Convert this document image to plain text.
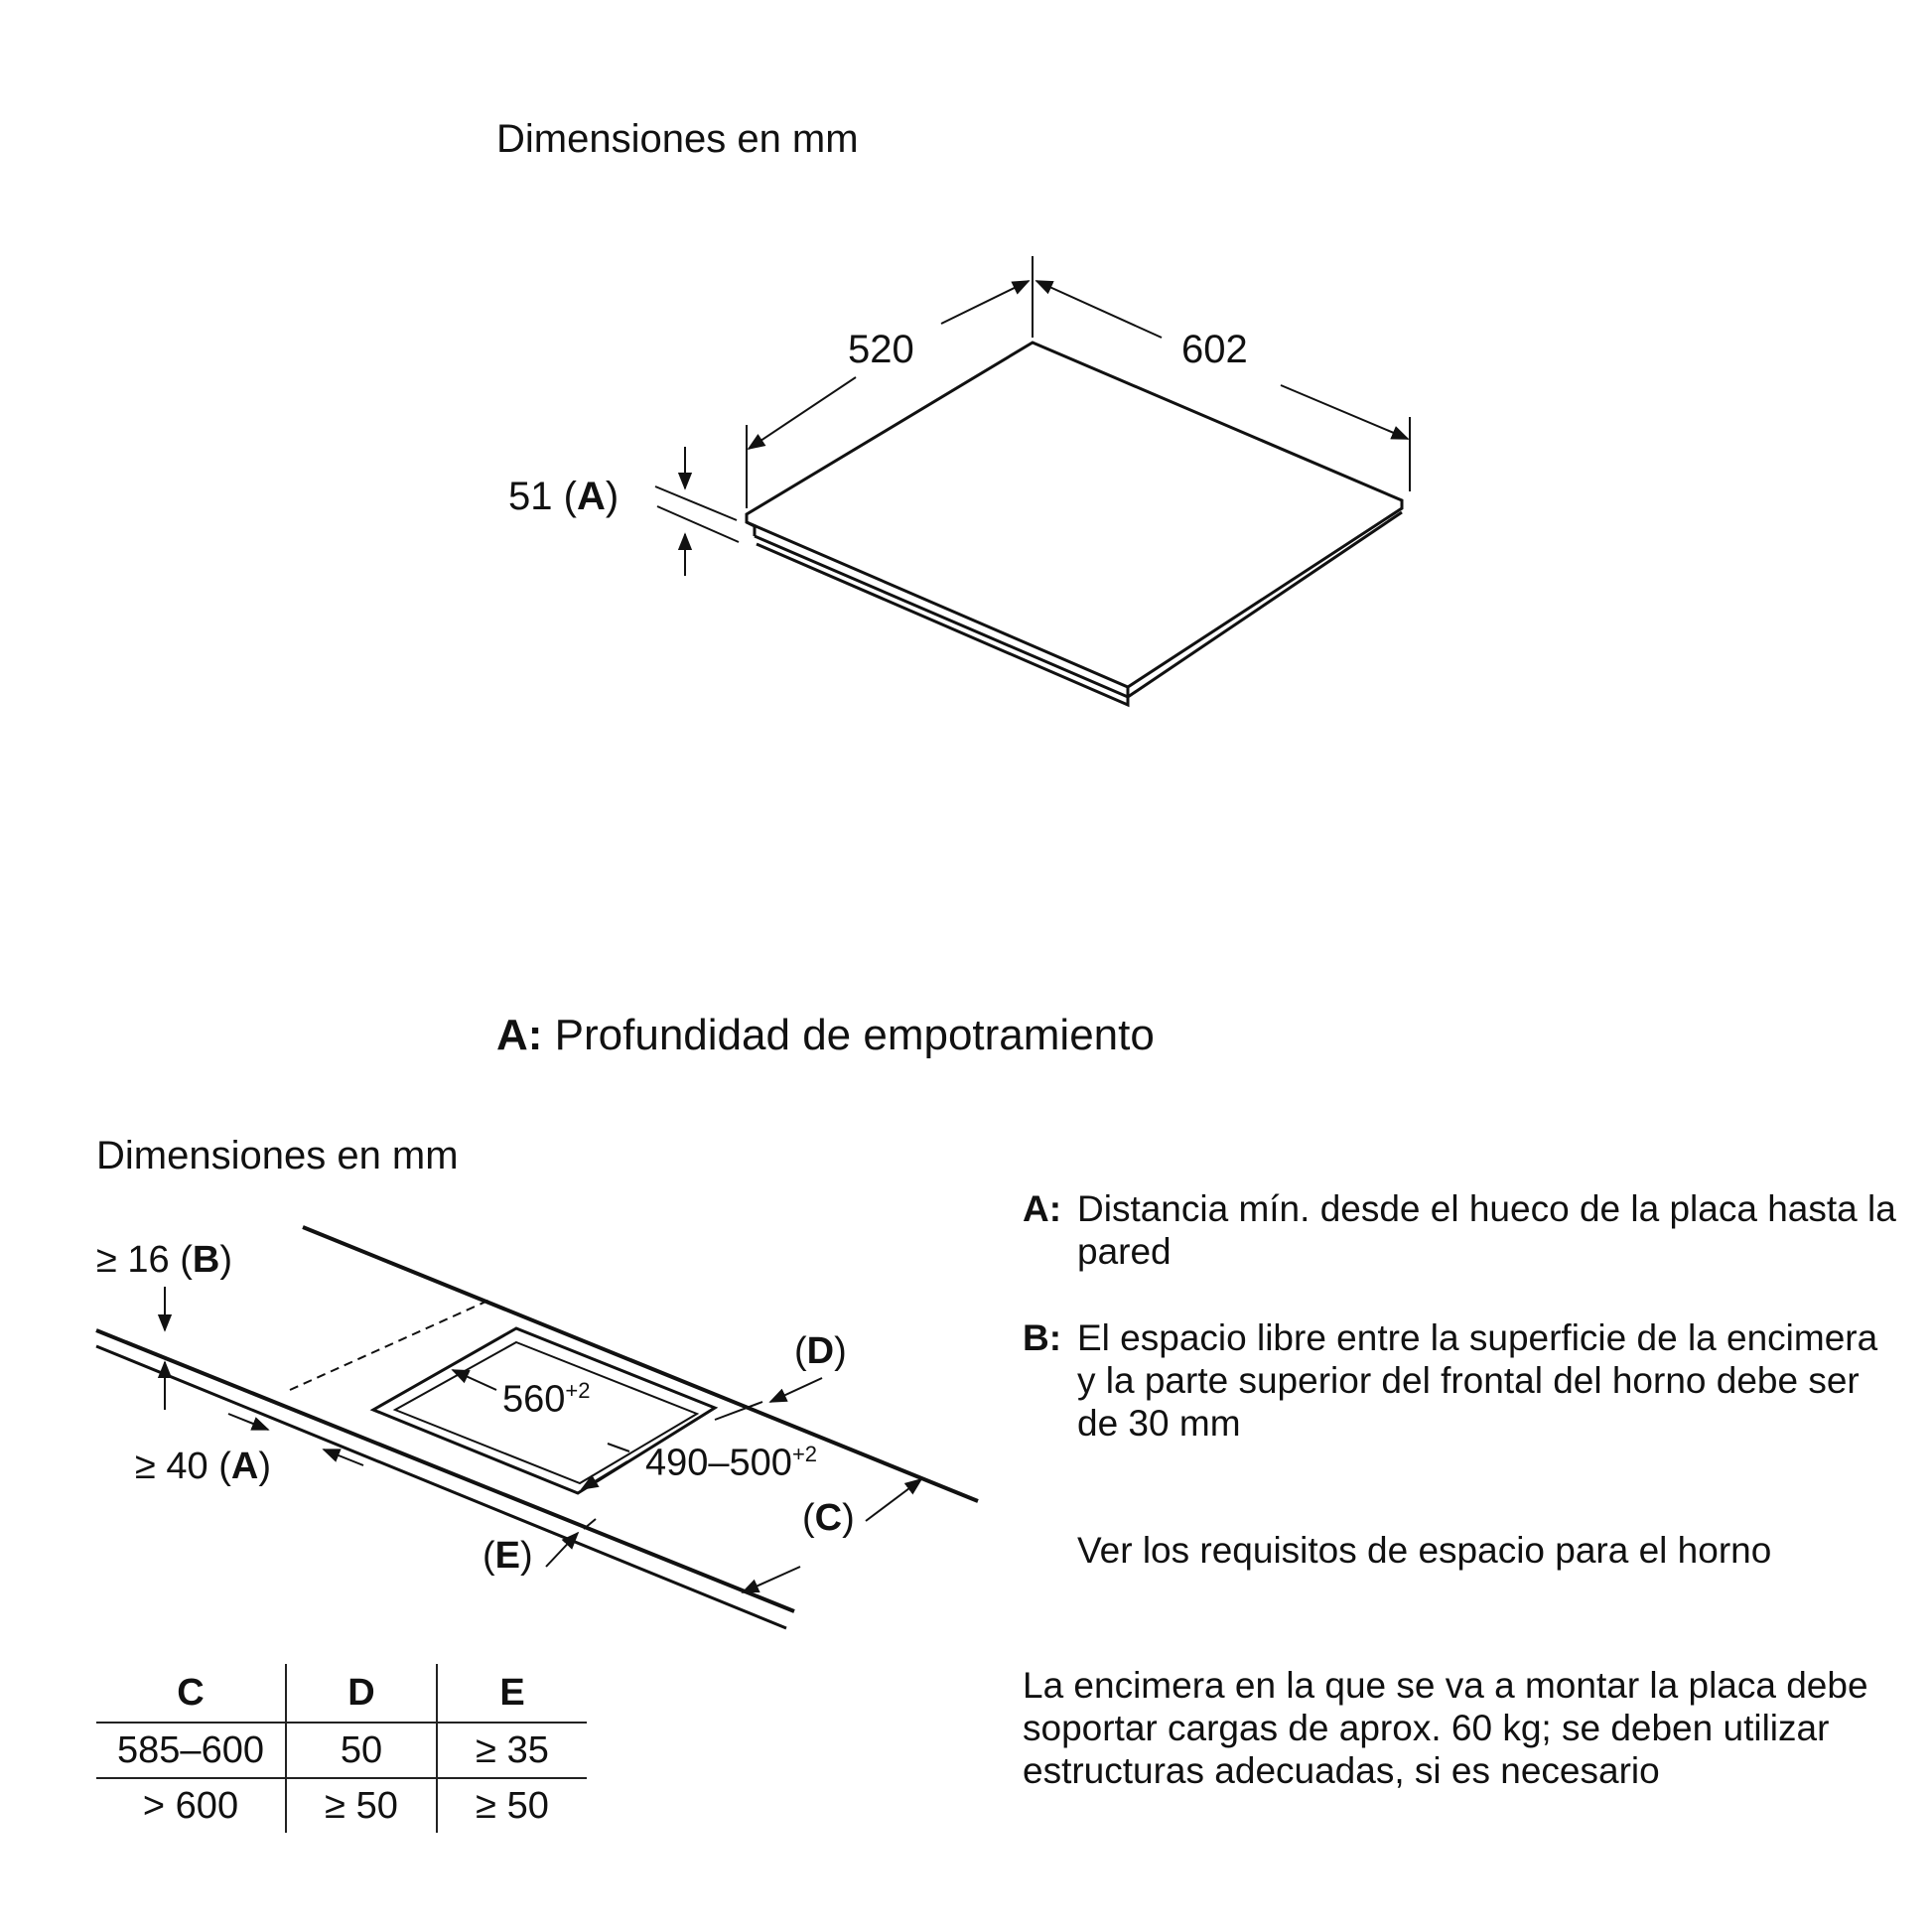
Dimensiones en mm
520	602
51 (A)
A: Profundidad de empotramiento
Dimensiones en mm
≥ 16 (B)
≥ 40 (A)
$560^{+2}$
$490-500^{+2}$
(D)
(C)
(E)
A: Distancia mín. desde el hueco de la placa hasta la pared
B: El espacio libre entre la superficie de la encimera y la parte superior del frontal del horno debe ser de 30 mm
Ver los requisitos de espacio para el horno
La encimera en la que se va a montar la placa debe soportar cargas de aprox. 60 kg; se deben utilizar estructuras adecuadas, si es necesario
C	D	E
585–600	50	≥ 35
> 600	≥ 50	≥ 50
